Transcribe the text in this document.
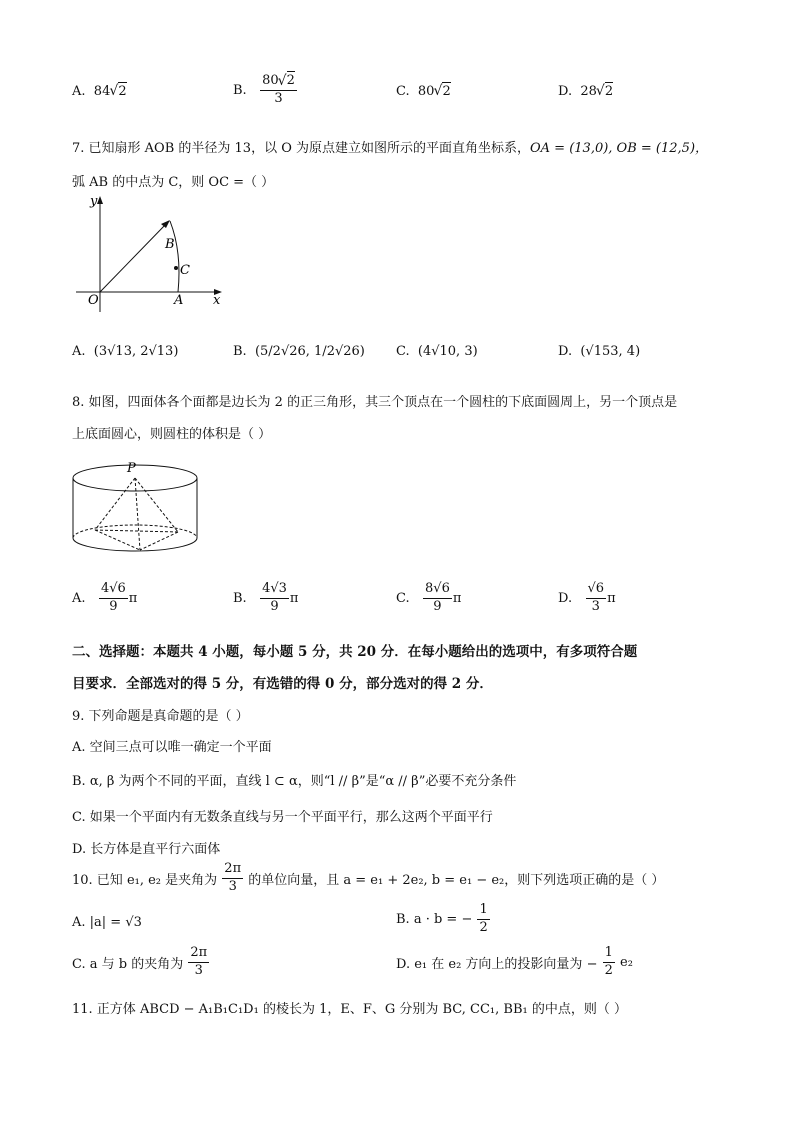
A. 84 √ 2	B. $\frac{80 √ 2}{3}$	C. 80 √ 2	D. 28 √ 2
7. 已知扇形 AOB 的半径为 13，以 O 为原点建立如图所示的平面直角坐标系，OA = (13,0), OB = (12,5)，
弧 AB 的中点为 C，则 OC =（ ）
y
x
O	A
B
C
A. (3√13, 2√13)	B. (5/2√26, 1/2√26) C. (4√10, 3)	D. (√153, 4)
8. 如图，四面体各个面都是边长为 2 的正三角形，其三个顶点在一个圆柱的下底面圆周上，另一个顶点是
上底面圆心，则圆柱的体积是（ ）
P
A. $\frac{4√6}{9}$ π	B. $\frac{4√3}{9}$ π	C. $\frac{8√6}{9}$ π	D. $\frac{√6}{3}$ π
二、选择题：本题共 4 小题，每小题 5 分，共 20 分．在每小题给出的选项中，有多项符合题
目要求．全部选对的得 5 分，有选错的得 0 分，部分选对的得 2 分．
9. 下列命题是真命题的是（ ）
A. 空间三点可以唯一确定一个平面
B. α, β 为两个不同的平面，直线 l ⊂ α，则“l // β”是“α // β”必要不充分条件
C. 如果一个平面内有无数条直线与另一个平面平行，那么这两个平面平行
D. 长方体是直平行六面体
10. 已知 e₁, e₂ 是夹角为 $\frac{2\pi}{3}$ 的单位向量，且 a = e₁ + 2e₂, b = e₁ − e₂，则下列选项正确的是（ ）
A. |a| = √3	B. a · b = − $\frac{1}{2}$
C. a 与 b 的夹角为 $\frac{2\pi}{3}$	D. e₁ 在 e₂ 方向上的投影向量为 − $\frac{1}{2} e_2$
11. 正方体 ABCD − A₁B₁C₁D₁ 的棱长为 1，E、F、G 分别为 BC, CC₁, BB₁ 的中点，则（ ）
